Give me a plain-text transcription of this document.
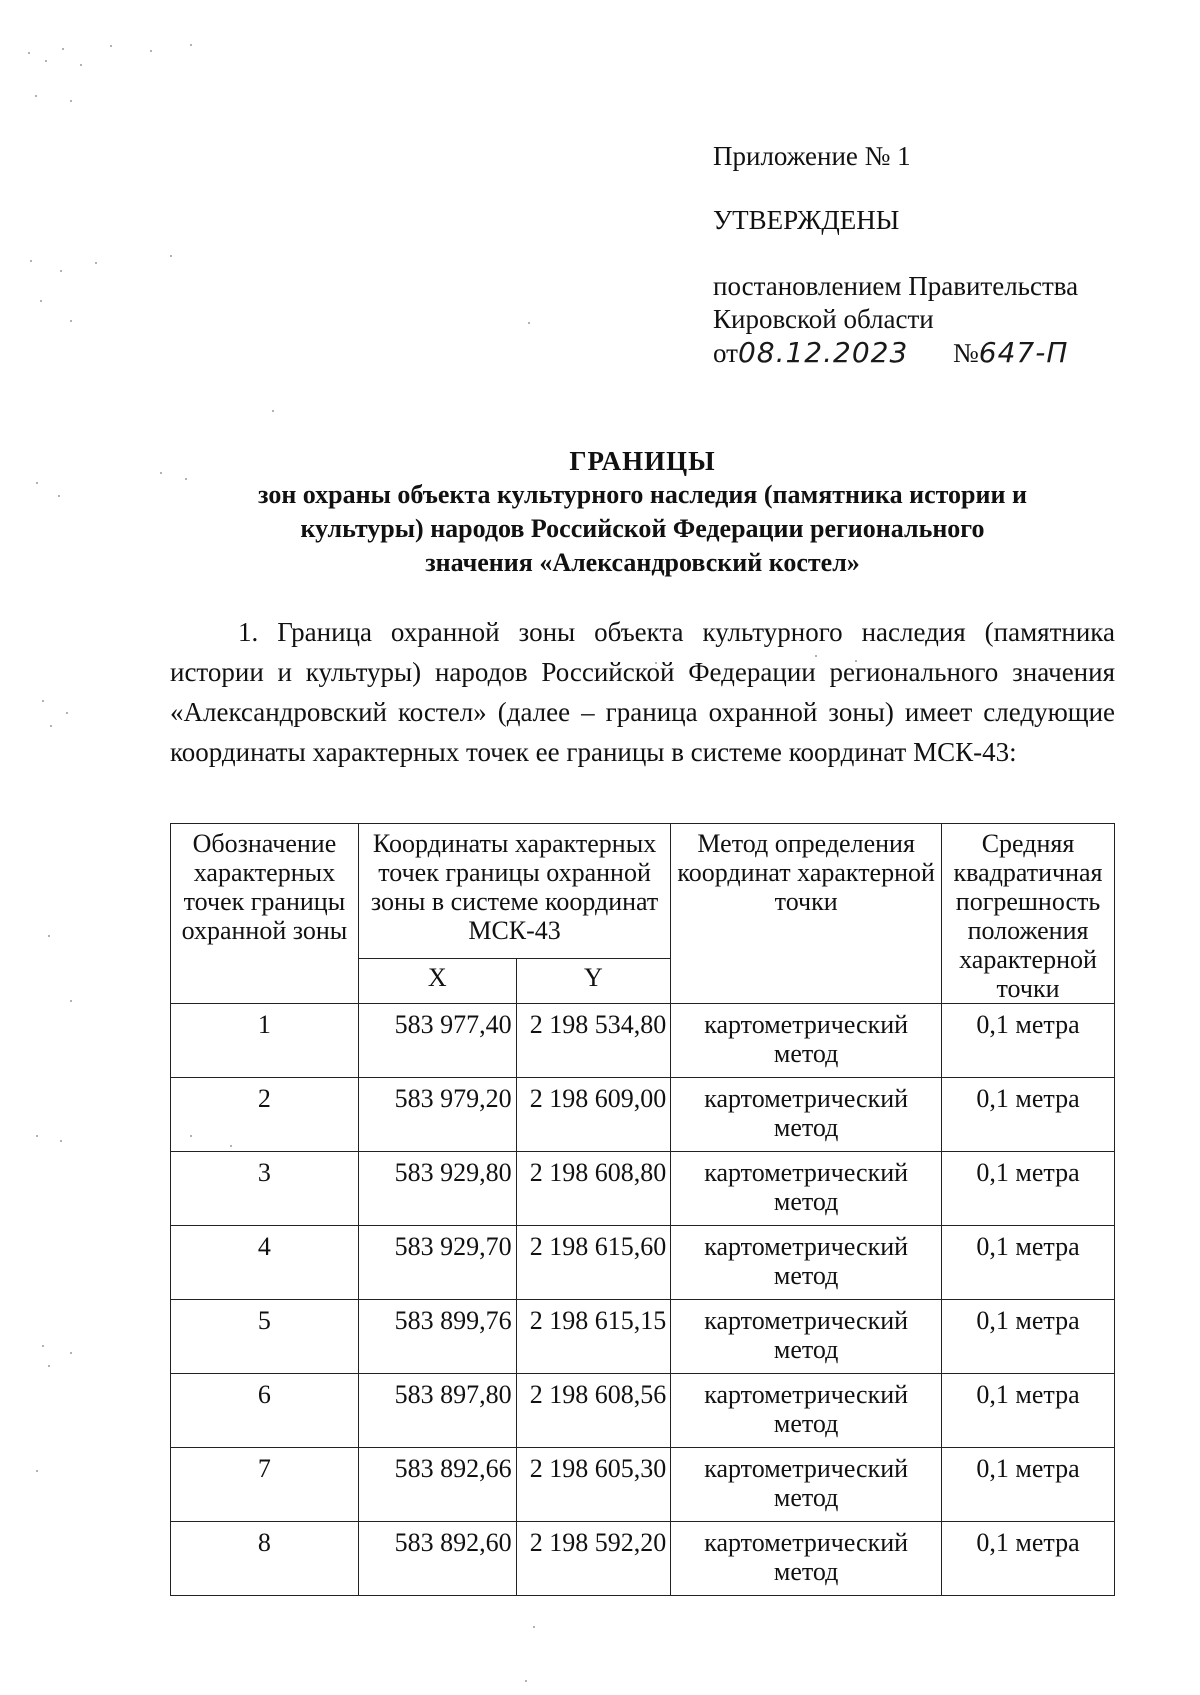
Приложение № 1
УТВЕРЖДЕНЫ
постановлением Правительства
Кировской области
от08.12.2023 №647-П
ГРАНИЦЫ
зон охраны объекта культурного наследия (памятника истории и
культуры) народов Российской Федерации регионального
значения «Александровский костел»
1. Граница охранной зоны объекта культурного наследия (памятника истории и культуры) народов Российской Федерации регионального значения «Александровский костел» (далее – граница охранной зоны) имеет следующие координаты характерных точек ее границы в системе координат МСК-43:
Обозначение характерных точек границы охранной зоны	Координаты характерных точек границы охранной зоны в системе координат МСК-43		Метод определения координат характерной точки	Средняя квадратичная погрешность положения характерной точки
	X	Y		
1	583 977,40	2 198 534,80	картометрический метод	0,1 метра
2	583 979,20	2 198 609,00	картометрический метод	0,1 метра
3	583 929,80	2 198 608,80	картометрический метод	0,1 метра
4	583 929,70	2 198 615,60	картометрический метод	0,1 метра
5	583 899,76	2 198 615,15	картометрический метод	0,1 метра
6	583 897,80	2 198 608,56	картометрический метод	0,1 метра
7	583 892,66	2 198 605,30	картометрический метод	0,1 метра
8	583 892,60	2 198 592,20	картометрический метод	0,1 метра
